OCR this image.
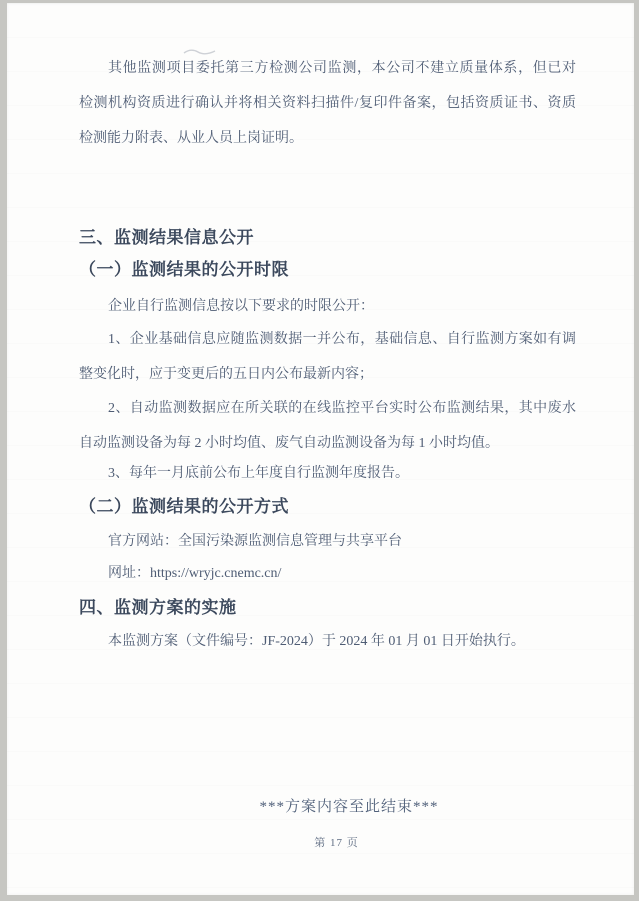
其他监测项目委托第三方检测公司监测，本公司不建立质量体系，但已对
检测机构资质进行确认并将相关资料扫描件/复印件备案，包括资质证书、资质
检测能力附表、从业人员上岗证明。
三、监测结果信息公开
（一）监测结果的公开时限
企业自行监测信息按以下要求的时限公开：
1、企业基础信息应随监测数据一并公布，基础信息、自行监测方案如有调
整变化时，应于变更后的五日内公布最新内容；
2、自动监测数据应在所关联的在线监控平台实时公布监测结果，其中废水
自动监测设备为每 2 小时均值、废气自动监测设备为每 1 小时均值。
3、每年一月底前公布上年度自行监测年度报告。
（二）监测结果的公开方式
官方网站：全国污染源监测信息管理与共享平台
网址：https://wryjc.cnemc.cn/
四、监测方案的实施
本监测方案（文件编号：JF-2024）于 2024 年 01 月 01 日开始执行。
***方案内容至此结束***
第 17 页
